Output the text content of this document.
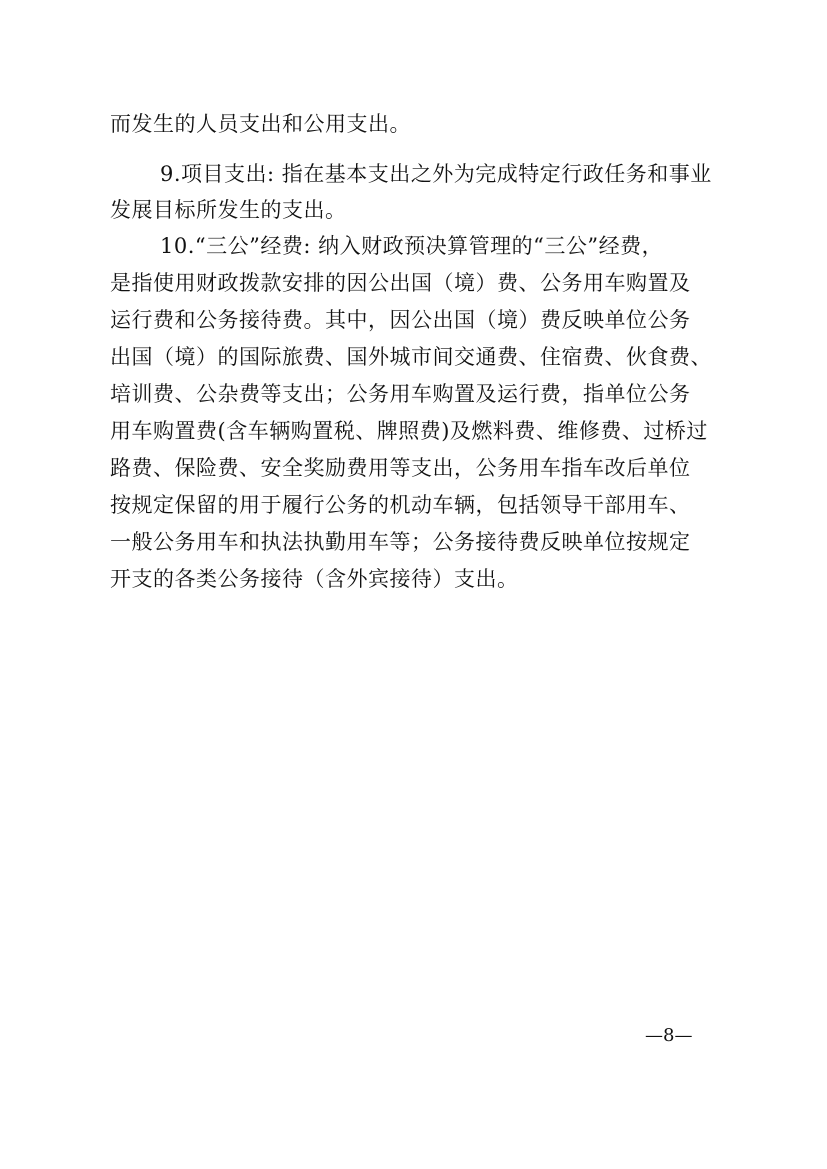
而发生的人员支出和公用支出。
9.项目支出: 指在基本支出之外为完成特定行政任务和事业
发展目标所发生的支出。
10.“三公”经费: 纳入财政预决算管理的“三公”经费，
是指使用财政拨款安排的因公出国（境）费、公务用车购置及
运行费和公务接待费。其中，因公出国（境）费反映单位公务
出国（境）的国际旅费、国外城市间交通费、住宿费、伙食费、
培训费、公杂费等支出；公务用车购置及运行费，指单位公务
用车购置费(含车辆购置税、牌照费)及燃料费、维修费、过桥过
路费、保险费、安全奖励费用等支出，公务用车指车改后单位
按规定保留的用于履行公务的机动车辆，包括领导干部用车、
一般公务用车和执法执勤用车等；公务接待费反映单位按规定
开支的各类公务接待（含外宾接待）支出。
—8—
